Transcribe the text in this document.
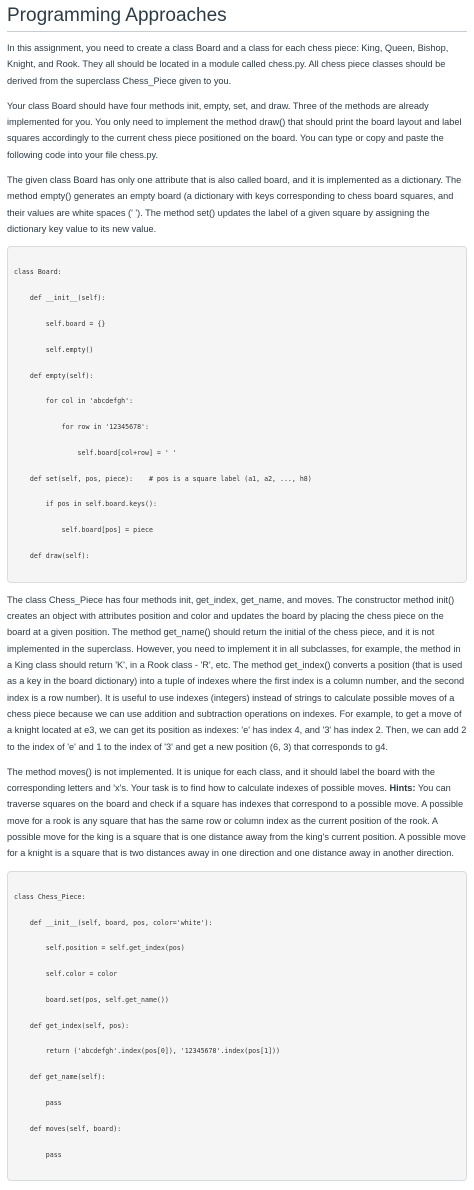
Programming Approaches

In this assignment, you need to create a class Board and a class for each chess piece: King, Queen, Bishop, Knight, and Rook. They all should be located in a module called chess.py. All chess piece classes should be derived from the superclass Chess_Piece given to you.

Your class Board should have four methods init, empty, set, and draw. Three of the methods are already implemented for you. You only need to implement the method draw() that should print the board layout and label squares accordingly to the current chess piece positioned on the board. You can type or copy and paste the following code into your file chess.py.

The given class Board has only one attribute that is also called board, and it is implemented as a dictionary. The method empty() generates an empty board (a dictionary with keys corresponding to chess board squares, and their values are white spaces (' '). The method set() updates the label of a given square by assigning the dictionary key value to its new value.

class Board:

def __init__(self):

self.board = {}

self.empty()

def empty(self):

for col in 'abcdefgh':

for row in '12345678':

self.board[col+row] = ' '

def set(self, pos, piece):    # pos is a square label (a1, a2, ..., h8)

if pos in self.board.keys():

self.board[pos] = piece

def draw(self):

The class Chess_Piece has four methods init, get_index, get_name, and moves. The constructor method init() creates an object with attributes position and color and updates the board by placing the chess piece on the board at a given position. The method get_name() should return the initial of the chess piece, and it is not implemented in the superclass. However, you need to implement it in all subclasses, for example, the method in a King class should return 'K', in a Rook class - 'R', etc. The method get_index() converts a position (that is used as a key in the board dictionary) into a tuple of indexes where the first index is a column number, and the second index is a row number). It is useful to use indexes (integers) instead of strings to calculate possible moves of a chess piece because we can use addition and subtraction operations on indexes. For example, to get a move of a knight located at e3, we can get its position as indexes: 'e' has index 4, and '3' has index 2. Then, we can add 2 to the index of 'e' and 1 to the index of '3' and get a new position (6, 3) that corresponds to g4.

The method moves() is not implemented. It is unique for each class, and it should label the board with the corresponding letters and 'x's. Your task is to find how to calculate indexes of possible moves. Hints: You can traverse squares on the board and check if a square has indexes that correspond to a possible move. A possible move for a rook is any square that has the same row or column index as the current position of the rook. A possible move for the king is a square that is one distance away from the king's current position. A possible move for a knight is a square that is two distances away in one direction and one distance away in another direction.

class Chess_Piece:

def __init__(self, board, pos, color='white'):

self.position = self.get_index(pos)

self.color = color

board.set(pos, self.get_name())

def get_index(self, pos):

return ('abcdefgh'.index(pos[0]), '12345678'.index(pos[1]))

def get_name(self):

pass

def moves(self, board):

pass
